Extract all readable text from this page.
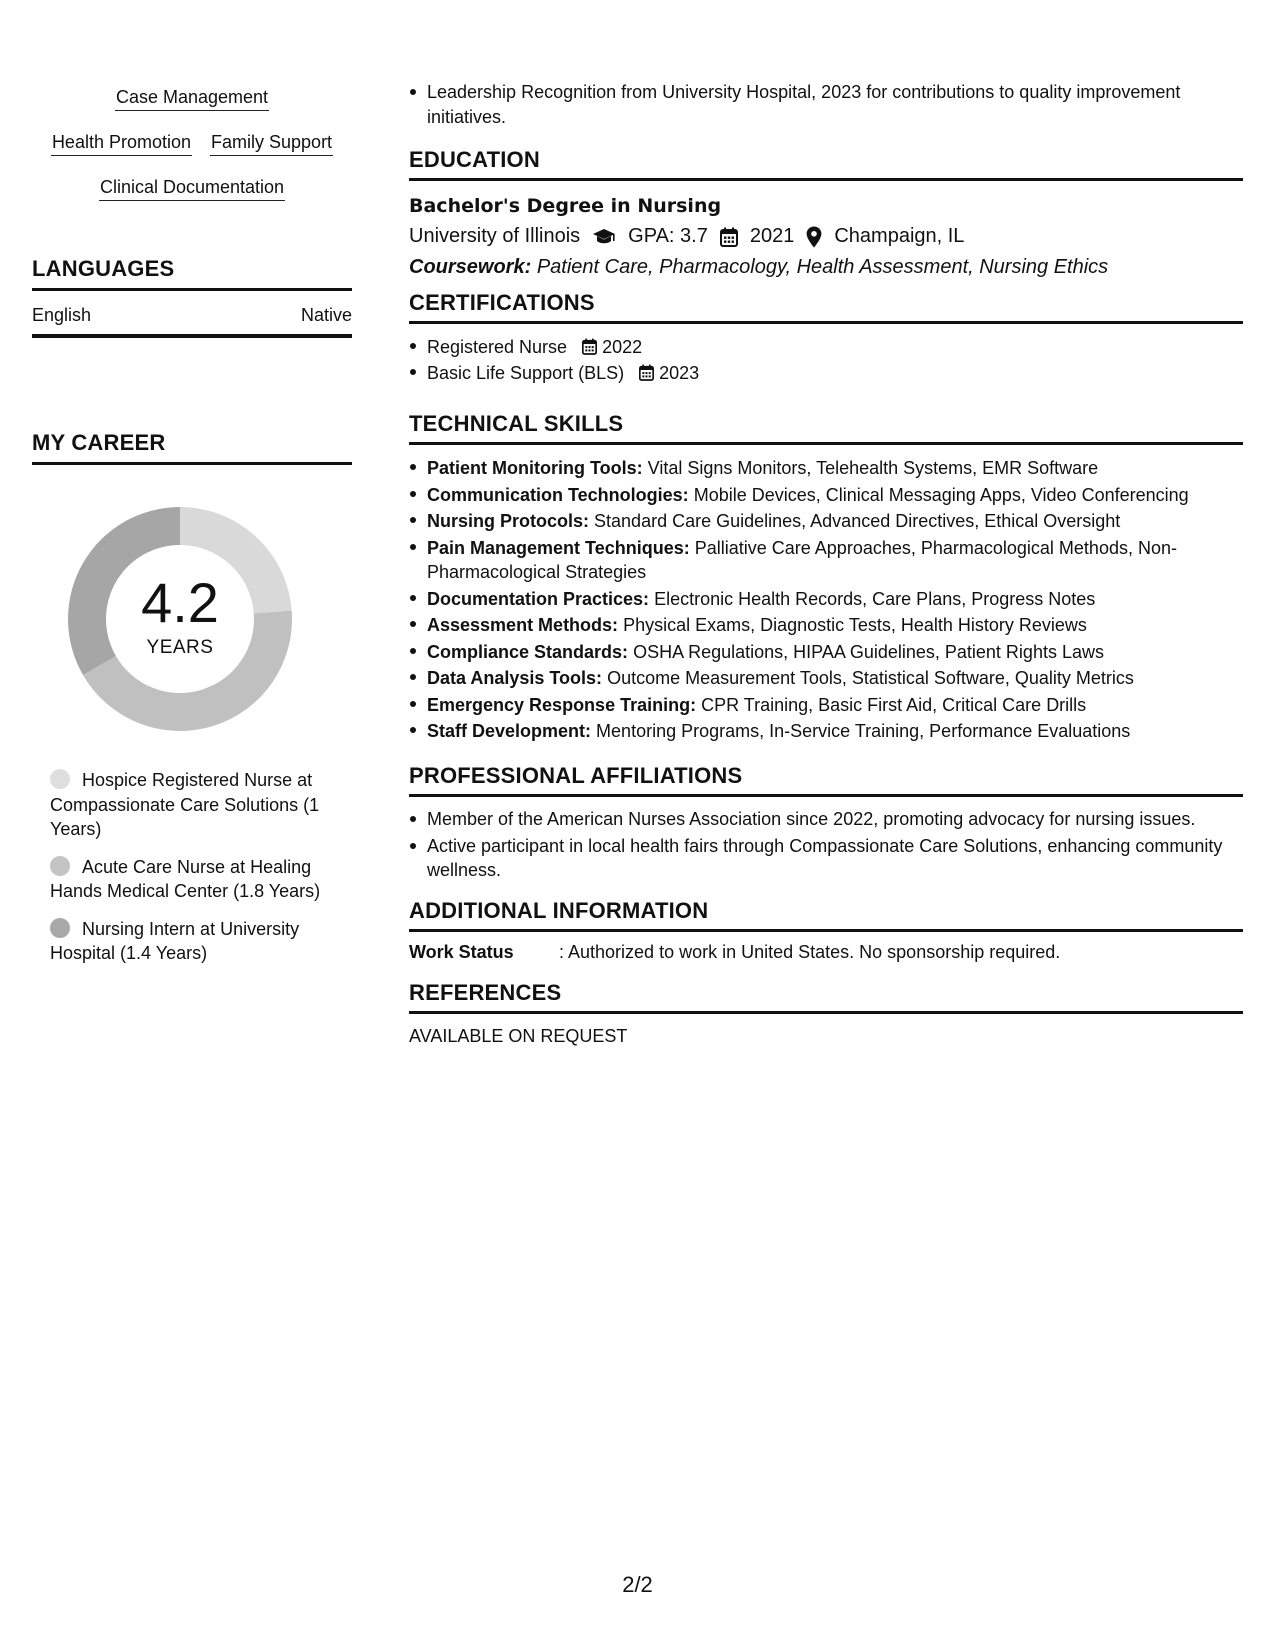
Case Management
Health Promotion Family Support
Clinical Documentation
LANGUAGES
English	Native
MY CAREER
4.2
YEARS
Hospice Registered Nurse at Compassionate Care Solutions (1 Years)
Acute Care Nurse at Healing Hands Medical Center (1.8 Years)
Nursing Intern at University Hospital (1.4 Years)
Leadership Recognition from University Hospital, 2023 for contributions to quality improvement initiatives.
EDUCATION
Bachelor's Degree in Nursing
University of Illinois GPA: 3.7 2021 Champaign, IL
Coursework: Patient Care, Pharmacology, Health Assessment, Nursing Ethics
CERTIFICATIONS
Registered Nurse 2022
Basic Life Support (BLS) 2023
TECHNICAL SKILLS
Patient Monitoring Tools: Vital Signs Monitors, Telehealth Systems, EMR Software
Communication Technologies: Mobile Devices, Clinical Messaging Apps, Video Conferencing
Nursing Protocols: Standard Care Guidelines, Advanced Directives, Ethical Oversight
Pain Management Techniques: Palliative Care Approaches, Pharmacological Methods, Non-Pharmacological Strategies
Documentation Practices: Electronic Health Records, Care Plans, Progress Notes
Assessment Methods: Physical Exams, Diagnostic Tests, Health History Reviews
Compliance Standards: OSHA Regulations, HIPAA Guidelines, Patient Rights Laws
Data Analysis Tools: Outcome Measurement Tools, Statistical Software, Quality Metrics
Emergency Response Training: CPR Training, Basic First Aid, Critical Care Drills
Staff Development: Mentoring Programs, In-Service Training, Performance Evaluations
PROFESSIONAL AFFILIATIONS
Member of the American Nurses Association since 2022, promoting advocacy for nursing issues.
Active participant in local health fairs through Compassionate Care Solutions, enhancing community wellness.
ADDITIONAL INFORMATION
Work Status	: Authorized to work in United States. No sponsorship required.
REFERENCES
AVAILABLE ON REQUEST
2/2
